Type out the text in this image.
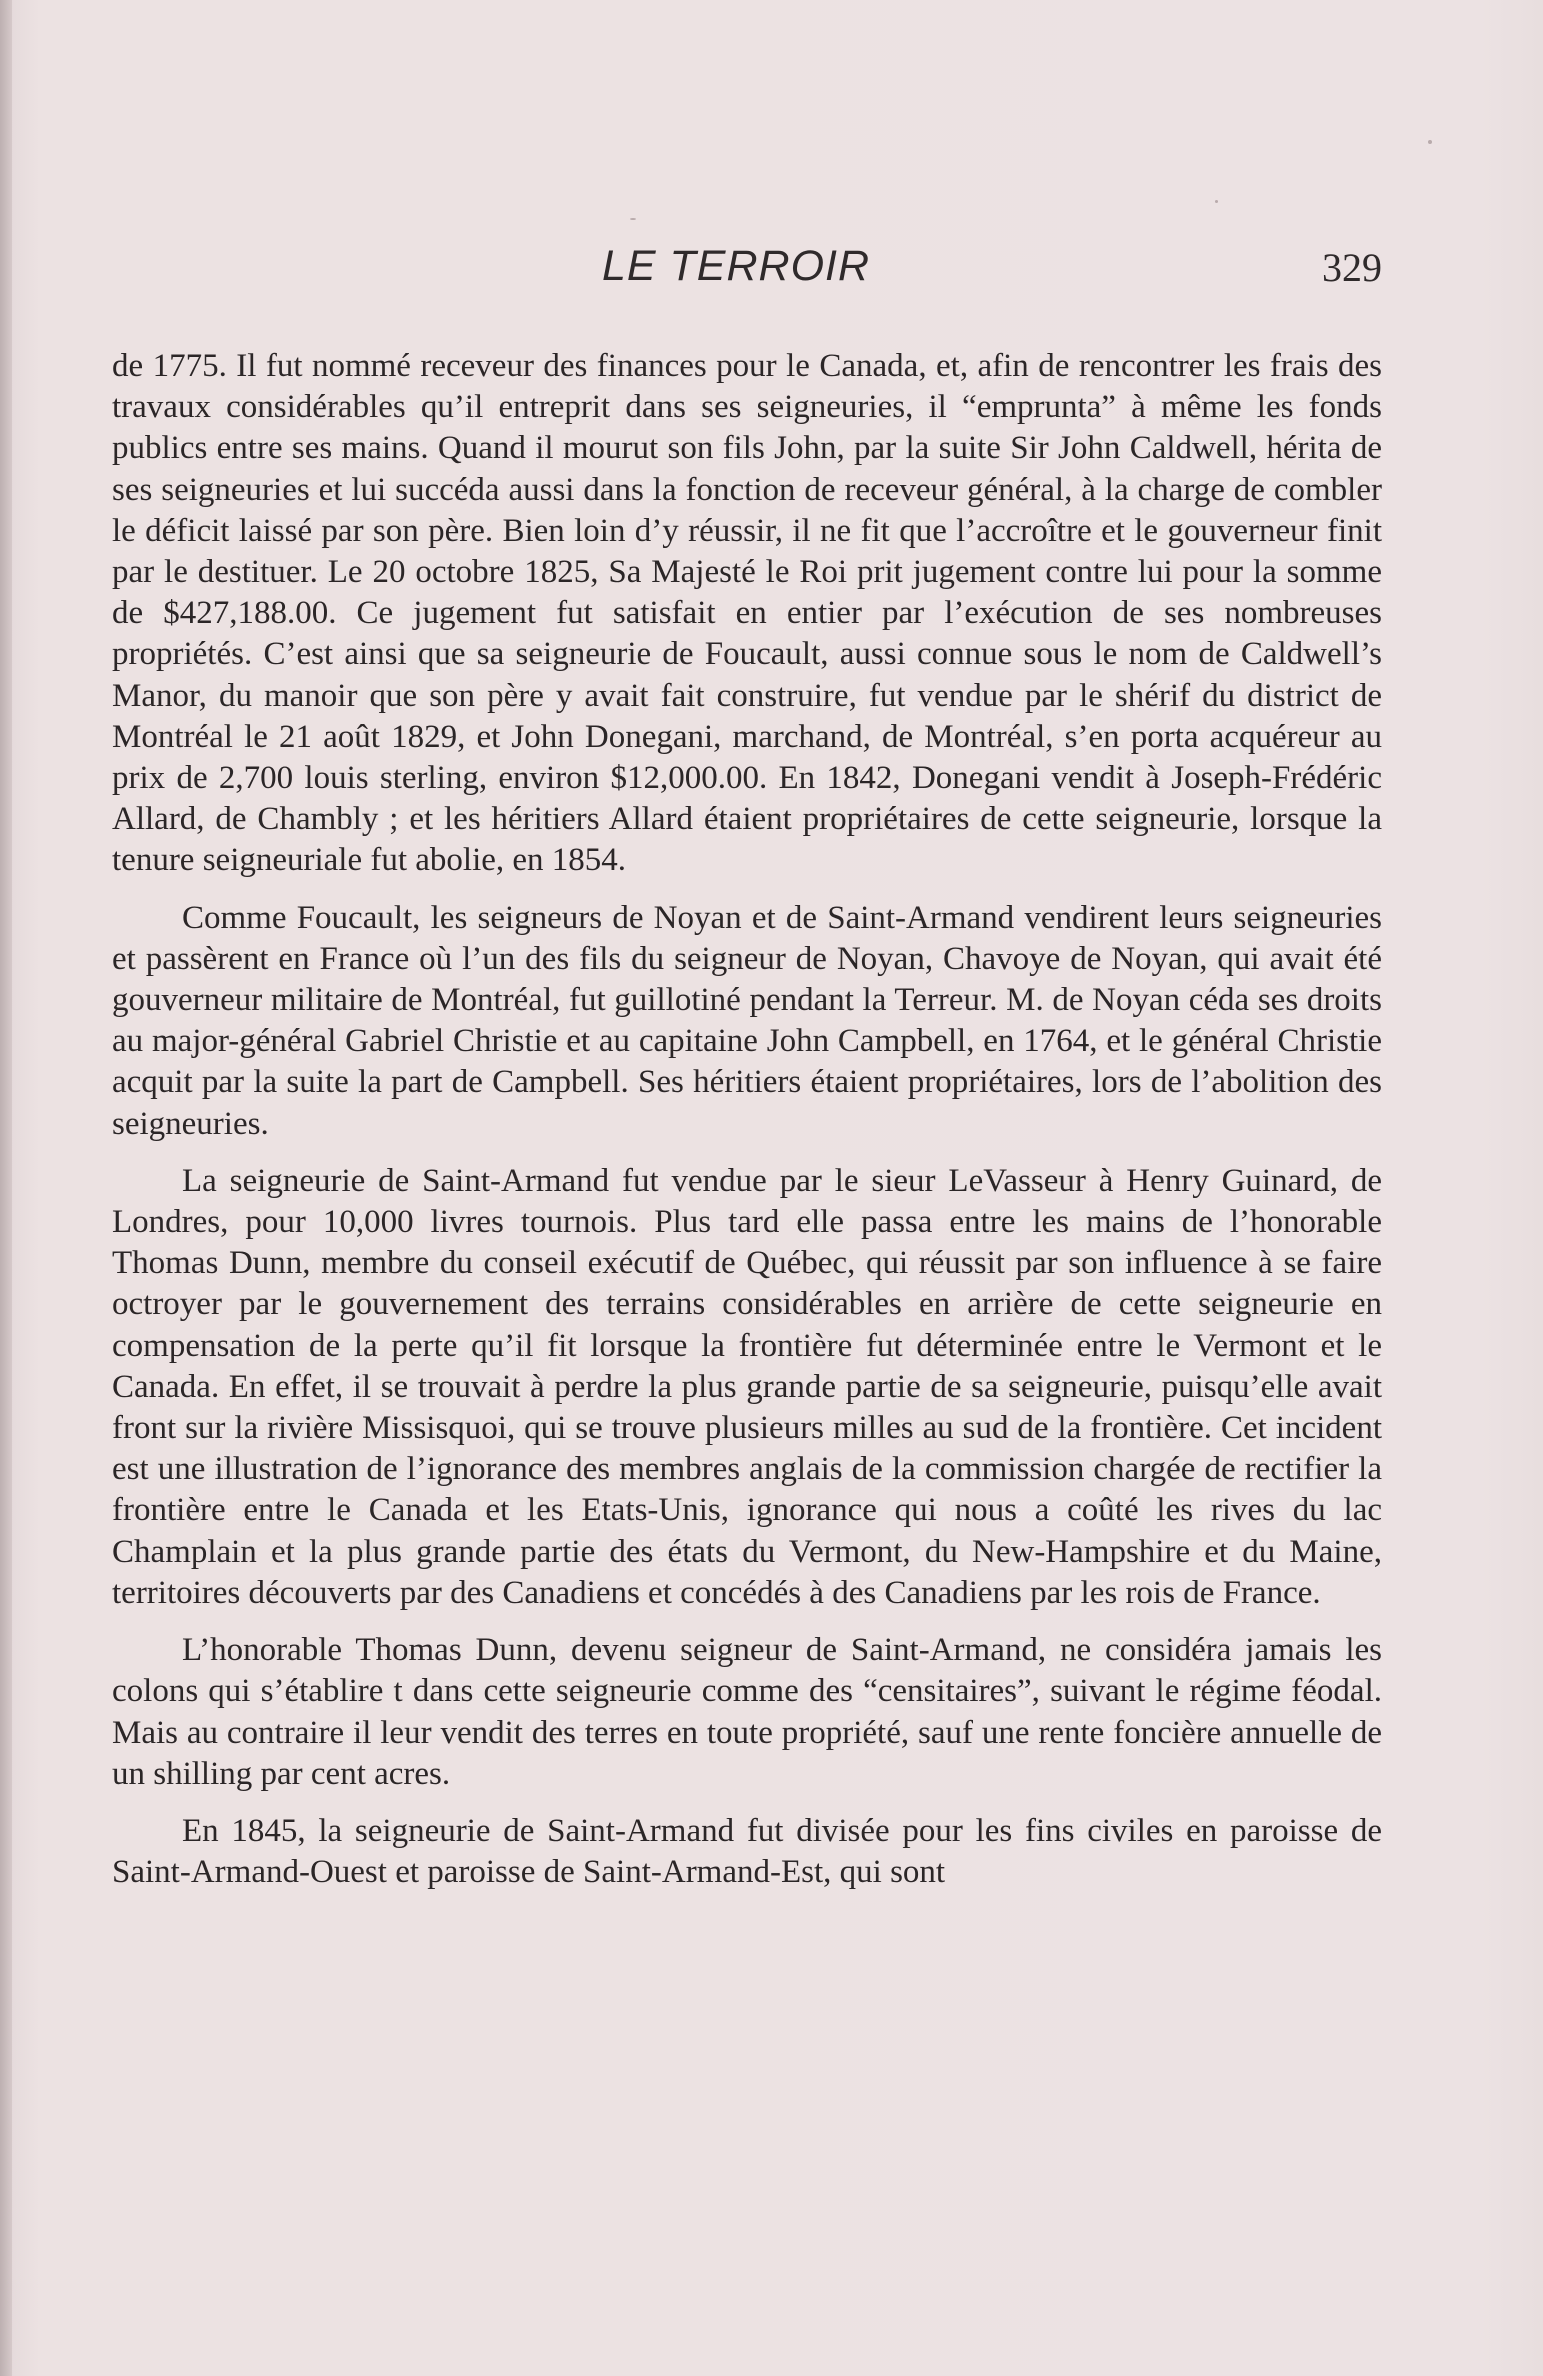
LE TERROIR	329

de 1775. Il fut nommé receveur des finances pour le Canada, et, afin de rencontrer les frais des travaux considérables qu’il entreprit dans ses seigneuries, il “emprunta” à même les fonds publics entre ses mains. Quand il mourut son fils John, par la suite Sir John Caldwell, hérita de ses seigneuries et lui succéda aussi dans la fonction de receveur général, à la charge de combler le déficit laissé par son père. Bien loin d’y réussir, il ne fit que l’accroître et le gouverneur finit par le destituer. Le 20 octobre 1825, Sa Majesté le Roi prit jugement contre lui pour la somme de $427,188.00. Ce jugement fut satisfait en entier par l’exécution de ses nombreuses propriétés. C’est ainsi que sa seigneurie de Foucault, aussi connue sous le nom de Caldwell’s Manor, du manoir que son père y avait fait construire, fut vendue par le shérif du district de Montréal le 21 août 1829, et John Donegani, marchand, de Montréal, s’en porta acquéreur au prix de 2,700 louis sterling, environ $12,000.00. En 1842, Donegani vendit à Joseph-Frédéric Allard, de Chambly ; et les héritiers Allard étaient propriétaires de cette seigneurie, lorsque la tenure seigneuriale fut abolie, en 1854.

Comme Foucault, les seigneurs de Noyan et de Saint-Armand vendirent leurs seigneuries et passèrent en France où l’un des fils du seigneur de Noyan, Chavoye de Noyan, qui avait été gouverneur militaire de Montréal, fut guillotiné pendant la Terreur. M. de Noyan céda ses droits au major-général Gabriel Christie et au capitaine John Campbell, en 1764, et le général Christie acquit par la suite la part de Campbell. Ses héritiers étaient propriétaires, lors de l’abolition des seigneuries.

La seigneurie de Saint-Armand fut vendue par le sieur LeVasseur à Henry Guinard, de Londres, pour 10,000 livres tournois. Plus tard elle passa entre les mains de l’honorable Thomas Dunn, membre du conseil exécutif de Québec, qui réussit par son influence à se faire octroyer par le gouvernement des terrains considérables en arrière de cette seigneurie en compensation de la perte qu’il fit lorsque la frontière fut déterminée entre le Vermont et le Canada. En effet, il se trouvait à perdre la plus grande partie de sa seigneurie, puisqu’elle avait front sur la rivière Missisquoi, qui se trouve plusieurs milles au sud de la frontière. Cet incident est une illustration de l’ignorance des membres anglais de la commission chargée de rectifier la frontière entre le Canada et les Etats-Unis, ignorance qui nous a coûté les rives du lac Champlain et la plus grande partie des états du Vermont, du New-Hampshire et du Maine, territoires découverts par des Canadiens et concédés à des Canadiens par les rois de France.

L’honorable Thomas Dunn, devenu seigneur de Saint-Armand, ne considéra jamais les colons qui s’établire t dans cette seigneurie comme des “censitaires”, suivant le régime féodal. Mais au contraire il leur vendit des terres en toute propriété, sauf une rente foncière annuelle de un shilling par cent acres.

En 1845, la seigneurie de Saint-Armand fut divisée pour les fins civiles en paroisse de Saint-Armand-Ouest et paroisse de Saint-Armand-Est, qui sont
